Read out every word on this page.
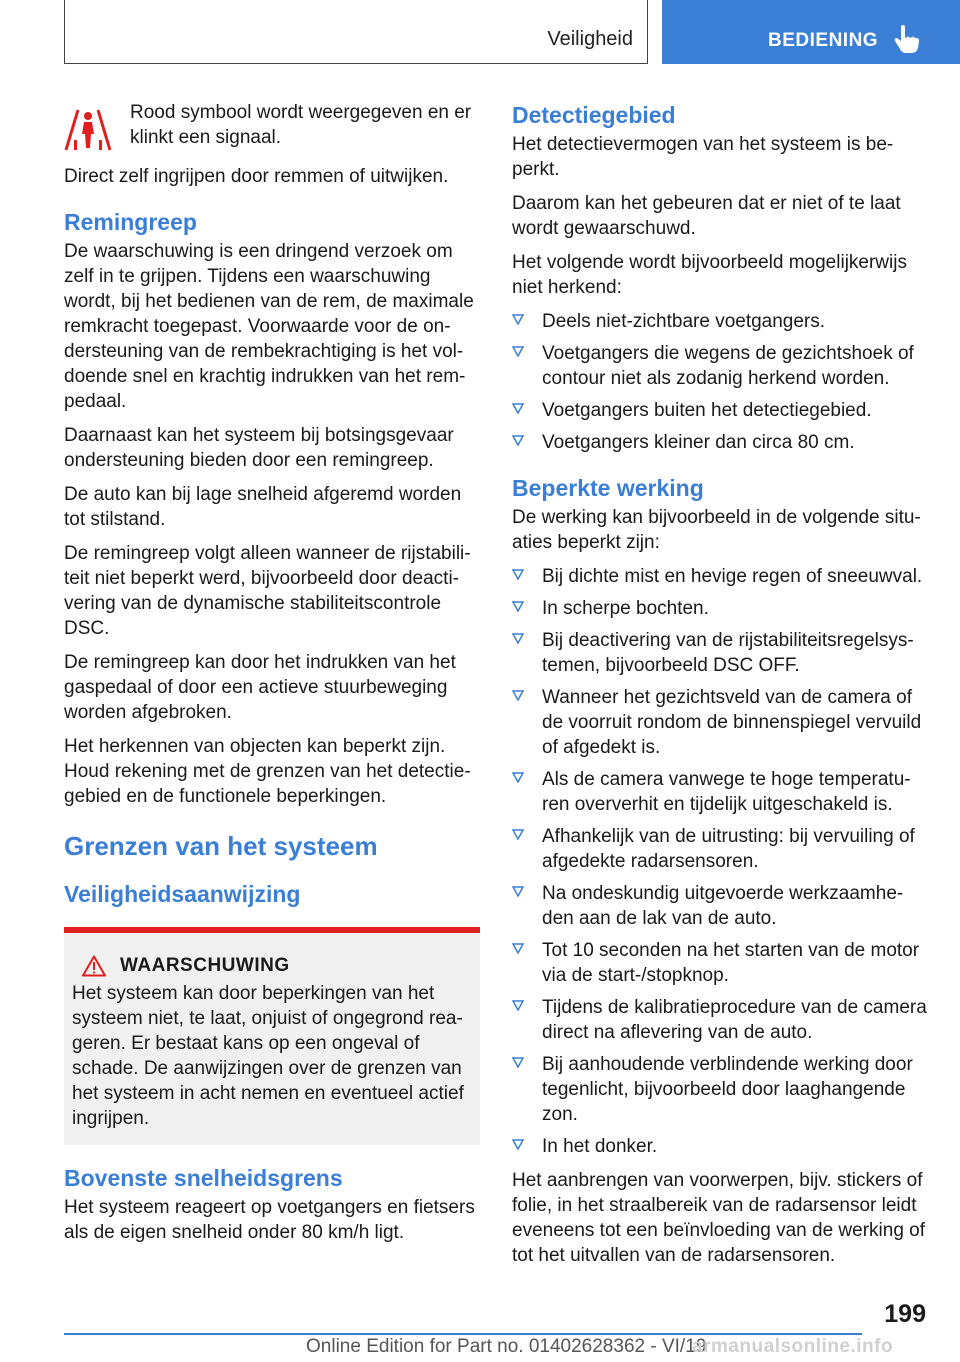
Veiligheid	BEDIENING

Rood symbool wordt weergegeven en er klinkt een signaal.

Direct zelf ingrijpen door remmen of uitwijken.

Remingreep

De waarschuwing is een dringend verzoek om zelf in te grijpen. Tijdens een waarschuwing wordt, bij het bedienen van de rem, de maximale remkracht toegepast. Voorwaarde voor de on-dersteuning van de rembekrachtiging is het vol-doende snel en krachtig indrukken van het rem-pedaal.

Daarnaast kan het systeem bij botsingsgevaar ondersteuning bieden door een remingreep.

De auto kan bij lage snelheid afgeremd worden tot stilstand.

De remingreep volgt alleen wanneer de rijstabili-teit niet beperkt werd, bijvoorbeeld door deacti-vering van de dynamische stabiliteitscontrole DSC.

De remingreep kan door het indrukken van het gaspedaal of door een actieve stuurbeweging worden afgebroken.

Het herkennen van objecten kan beperkt zijn. Houd rekening met de grenzen van het detectie-gebied en de functionele beperkingen.

Grenzen van het systeem
Veiligheidsaanwijzing
WAARSCHUWING

Het systeem kan door beperkingen van het systeem niet, te laat, onjuist of ongegrond rea-geren. Er bestaat kans op een ongeval of schade. De aanwijzingen over de grenzen van het systeem in acht nemen en eventueel actief ingrijpen.

Bovenste snelheidsgrens

Het systeem reageert op voetgangers en fietsers als de eigen snelheid onder 80 km/h ligt.

Detectiegebied

Het detectievermogen van het systeem is be-perkt.

Daarom kan het gebeuren dat er niet of te laat wordt gewaarschuwd.

Het volgende wordt bijvoorbeeld mogelijkerwijs niet herkend:

Deels niet-zichtbare voetgangers.
Voetgangers die wegens de gezichtshoek of contour niet als zodanig herkend worden.
Voetgangers buiten het detectiegebied.
Voetgangers kleiner dan circa 80 cm.
Beperkte werking

De werking kan bijvoorbeeld in de volgende situ-aties beperkt zijn:

Bij dichte mist en hevige regen of sneeuwval.
In scherpe bochten.
Bij deactivering van de rijstabiliteitsregelsys-temen, bijvoorbeeld DSC OFF.
Wanneer het gezichtsveld van de camera of de voorruit rondom de binnenspiegel vervuild of afgedekt is.
Als de camera vanwege te hoge temperatu-ren oververhit en tijdelijk uitgeschakeld is.
Afhankelijk van de uitrusting: bij vervuiling of afgedekte radarsensoren.
Na ondeskundig uitgevoerde werkzaamhe-den aan de lak van de auto.
Tot 10 seconden na het starten van de motor via de start-/stopknop.
Tijdens de kalibratieprocedure van de camera direct na aflevering van de auto.
Bij aanhoudende verblindende werking door tegenlicht, bijvoorbeeld door laaghangende zon.
In het donker.

Het aanbrengen van voorwerpen, bijv. stickers of folie, in het straalbereik van de radarsensor leidt eveneens tot een beïnvloeding van de werking of tot het uitvallen van de radarsensoren.

199
Online Edition for Part no. 01402628362 - VI/19
armanualsonline.info
